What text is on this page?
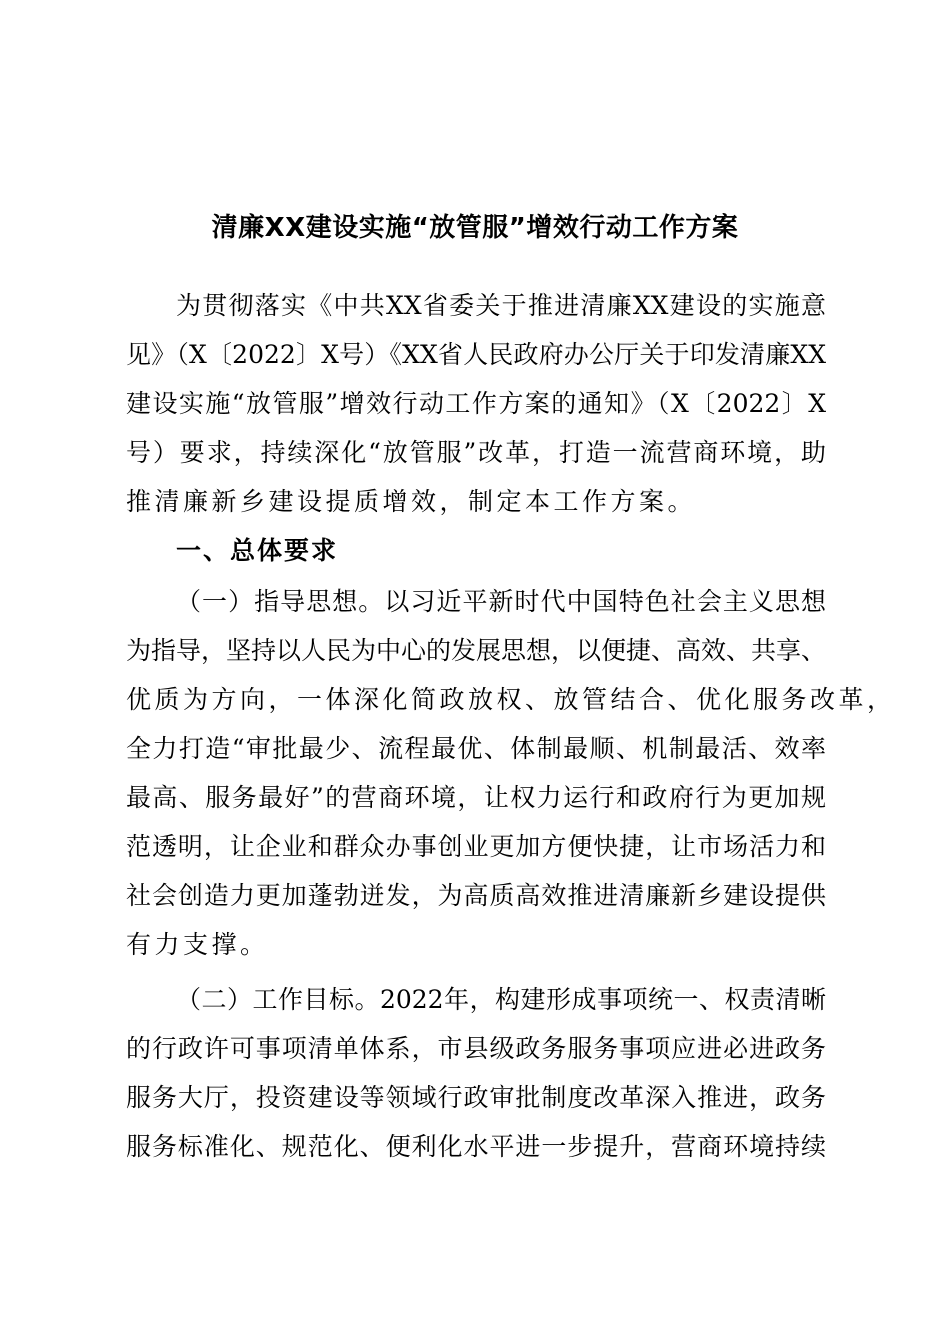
清廉XX建设实施“放管服”增效行动工作方案
为贯彻落实《中共XX省委关于推进清廉XX建设的实施意
见》（X〔2022〕X号）《XX省人民政府办公厅关于印发清廉XX
建设实施“放管服”增效行动工作方案的通知》（X〔2022〕X
号）要求，持续深化“放管服”改革，打造一流营商环境，助
推清廉新乡建设提质增效，制定本工作方案。
一、总体要求
（一）指导思想。以习近平新时代中国特色社会主义思想
为指导，坚持以人民为中心的发展思想，以便捷、高效、共享、
优质为方向，一体深化简政放权、放管结合、优化服务改革，
全力打造“审批最少、流程最优、体制最顺、机制最活、效率
最高、服务最好”的营商环境，让权力运行和政府行为更加规
范透明，让企业和群众办事创业更加方便快捷，让市场活力和
社会创造力更加蓬勃迸发，为高质高效推进清廉新乡建设提供
有力支撑。
（二）工作目标。2022年，构建形成事项统一、权责清晰
的行政许可事项清单体系，市县级政务服务事项应进必进政务
服务大厅，投资建设等领域行政审批制度改革深入推进，政务
服务标准化、规范化、便利化水平进一步提升，营商环境持续
